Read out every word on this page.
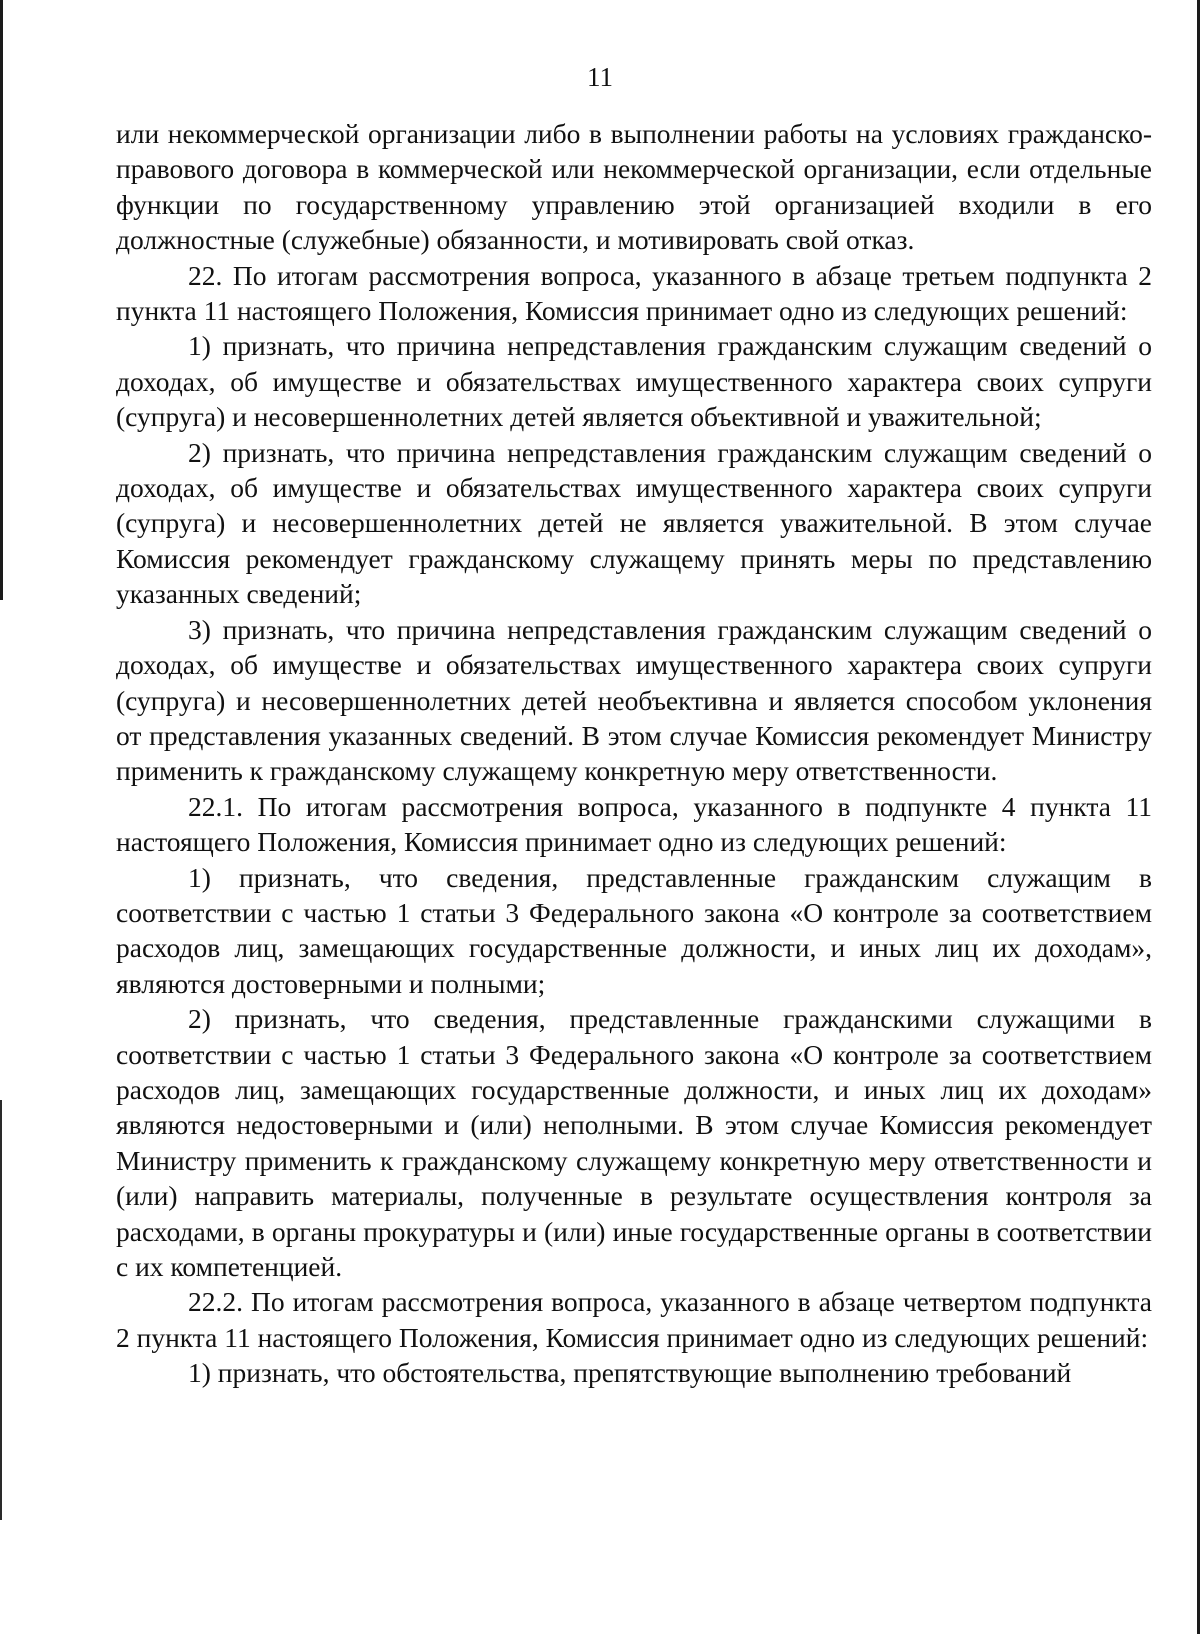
11

или некоммерческой организации либо в выполнении работы на условиях гражданско-правового договора в коммерческой или некоммерческой организации, если отдельные функции по государственному управлению этой организацией входили в его должностные (служебные) обязанности, и мотивировать свой отказ.

22. По итогам рассмотрения вопроса, указанного в абзаце третьем подпункта 2 пункта 11 настоящего Положения, Комиссия принимает одно из следующих решений:

1) признать, что причина непредставления гражданским служащим сведений о доходах, об имуществе и обязательствах имущественного характера своих супруги (супруга) и несовершеннолетних детей является объективной и уважительной;

2) признать, что причина непредставления гражданским служащим сведений о доходах, об имуществе и обязательствах имущественного характера своих супруги (супруга) и несовершеннолетних детей не является уважительной. В этом случае Комиссия рекомендует гражданскому служащему принять меры по представлению указанных сведений;

3) признать, что причина непредставления гражданским служащим сведений о доходах, об имуществе и обязательствах имущественного характера своих супруги (супруга) и несовершеннолетних детей необъективна и является способом уклонения от представления указанных сведений. В этом случае Комиссия рекомендует Министру применить к гражданскому служащему конкретную меру ответственности.

22.1. По итогам рассмотрения вопроса, указанного в подпункте 4 пункта 11 настоящего Положения, Комиссия принимает одно из следующих решений:

1) признать, что сведения, представленные гражданским служащим в соответствии с частью 1 статьи 3 Федерального закона «О контроле за соответствием расходов лиц, замещающих государственные должности, и иных лиц их доходам», являются достоверными и полными;

2) признать, что сведения, представленные гражданскими служащими в соответствии с частью 1 статьи 3 Федерального закона «О контроле за соответствием расходов лиц, замещающих государственные должности, и иных лиц их доходам» являются недостоверными и (или) неполными. В этом случае Комиссия рекомендует Министру применить к гражданскому служащему конкретную меру ответственности и (или) направить материалы, полученные в результате осуществления контроля за расходами, в органы прокуратуры и (или) иные государственные органы в соответствии с их компетенцией.

22.2. По итогам рассмотрения вопроса, указанного в абзаце четвертом подпункта 2 пункта 11 настоящего Положения, Комиссия принимает одно из следующих решений:

1) признать, что обстоятельства, препятствующие выполнению требований
